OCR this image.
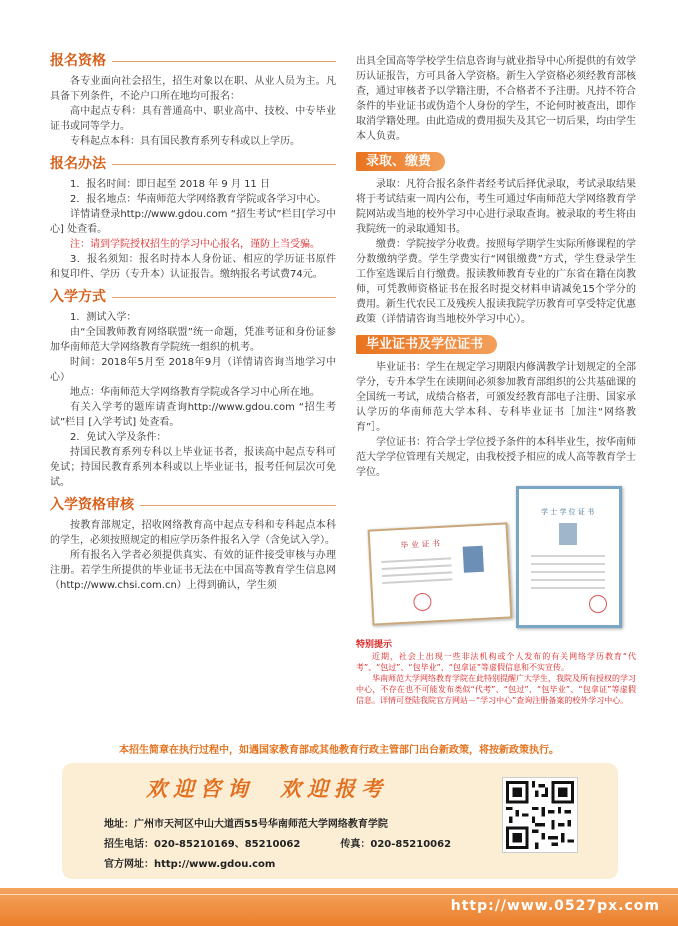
报名资格

各专业面向社会招生，招生对象以在职、从业人员为主。凡具备下列条件，不论户口所在地均可报名：

高中起点专科：具有普通高中、职业高中、技校、中专毕业证书或同等学力。

专科起点本科：具有国民教育系列专科或以上学历。

报名办法

1．报名时间：即日起至 2018 年 9 月 11 日

2．报名地点：华南师范大学网络教育学院或各学习中心。

详情请登录http://www.gdou.com “招生考试”栏目[学习中心] 处查看。

注：请到学院授权招生的学习中心报名，谨防上当受骗。

3．报名须知：报名时持本人身份证、相应的学历证书原件和复印件、学历（专升本）认证报告。缴纳报名考试费74元。

入学方式

1．测试入学：

由“全国教师教育网络联盟”统一命题，凭准考证和身份证参加华南师范大学网络教育学院统一组织的机考。

时间：2018年5月至 2018年9月（详情请咨询当地学习中心）

地点：华南师范大学网络教育学院或各学习中心所在地。

有关入学考的题库请查询http://www.gdou.com “招生考试”栏目 [入学考试] 处查看。

2．免试入学及条件：

持国民教育系列专科以上毕业证书者，报读高中起点专科可免试；持国民教育系列本科或以上毕业证书，报考任何层次可免试。

入学资格审核

按教育部规定，招收网络教育高中起点专科和专科起点本科的学生，必须按照规定的相应学历条件报名入学（含免试入学）。

所有报名入学者必须提供真实、有效的证件接受审核与办理注册。若学生所提供的毕业证书无法在中国高等教育学生信息网（http://www.chsi.com.cn）上得到确认，学生须

出具全国高等学校学生信息咨询与就业指导中心所提供的有效学历认证报告，方可具备入学资格。新生入学资格必须经教育部核查，通过审核者予以学籍注册，不合格者不予注册。凡持不符合条件的毕业证书或伪造个人身份的学生，不论何时被查出，即作取消学籍处理。由此造成的费用损失及其它一切后果，均由学生本人负责。

录取、缴费

录取：凡符合报名条件者经考试后择优录取，考试录取结果将于考试结束一周内公布，考生可通过华南师范大学网络教育学院网站或当地的校外学习中心进行录取查询。被录取的考生将由我院统一的录取通知书。

缴费：学院按学分收费。按照每学期学生实际所修课程的学分数缴纳学费。学生学费实行“网银缴费”方式，学生登录学生工作室选课后自行缴费。报读教师教育专业的广东省在籍在岗教师，可凭教师资格证书在报名时提交材料申请减免15个学分的费用。新生代农民工及残疾人报读我院学历教育可享受特定优惠政策（详情请咨询当地校外学习中心）。

毕业证书及学位证书

毕业证书：学生在规定学习期限内修满教学计划规定的全部学分，专升本学生在读期间必须参加教育部组织的公共基础课的全国统一考试，成绩合格者，可颁发经教育部电子注册、国家承认学历的华南师范大学本科、专科毕业证书［加注“网络教育”］。

学位证书：符合学士学位授予条件的本科毕业生，按华南师范大学学位管理有关规定，由我校授予相应的成人高等教育学士学位。

毕 业 证 书
学 士 学 位 证 书
特别提示

近期，社会上出现一些非法机构或个人发布的有关网络学历教育“代考”、“包过”、“包毕业”、“包拿证”等虚假信息和不实宣传。

华南师范大学网络教育学院在此特别提醒广大学生，我院及所有授权的学习中心，不存在也不可能发布类似“代考”、“包过”、“包毕业”、“包拿证”等虚假信息。详情可登陆我院官方网站－“学习中心”查询注册备案的校外学习中心。

本招生简章在执行过程中，如遇国家教育部或其他教育行政主管部门出台新政策，将按新政策执行。
欢迎咨询 欢迎报考
地址：广州市天河区中山大道西55号华南师范大学网络教育学院
招生电话：020-85210169、85210062	传真：020-85210062
官方网址：http://www.gdou.com
http://www.0527px.com
